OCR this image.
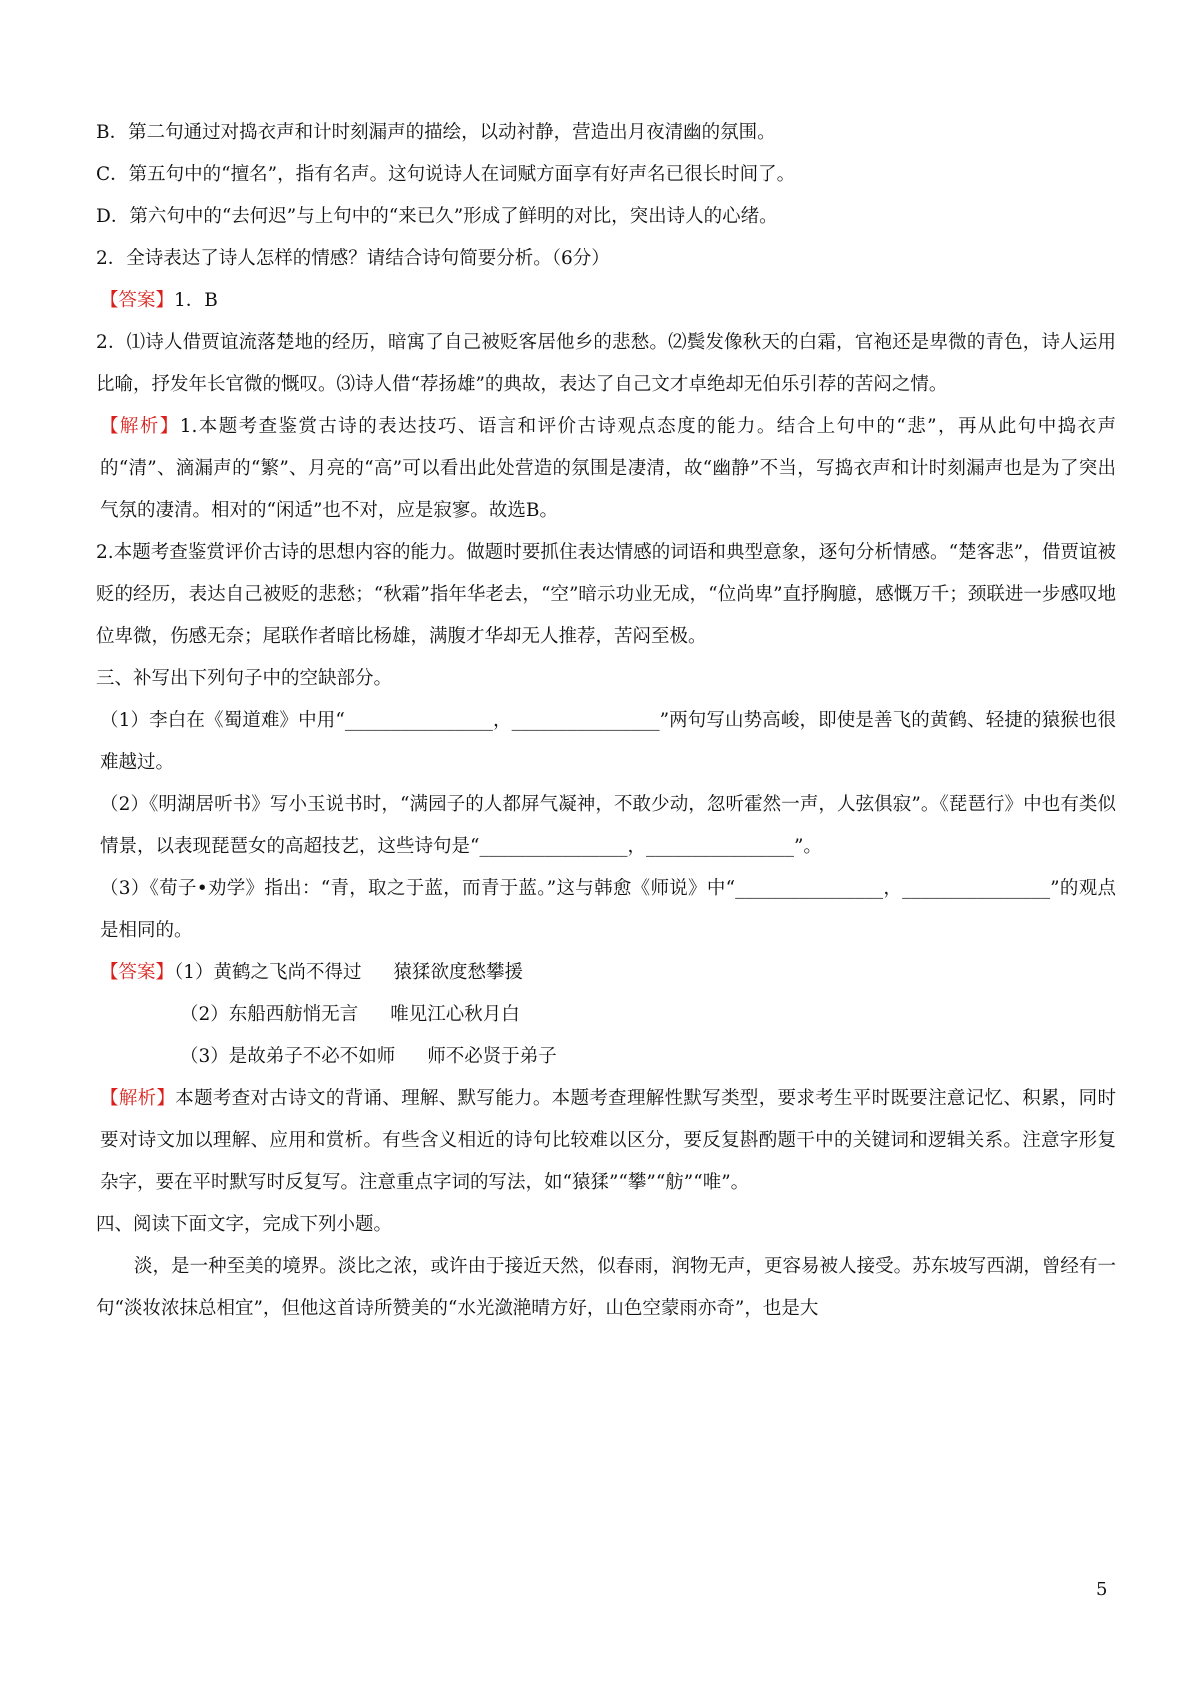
B．第二句通过对捣衣声和计时刻漏声的描绘，以动衬静，营造出月夜清幽的氛围。
C．第五句中的“擅名”，指有名声。这句说诗人在词赋方面享有好声名已很长时间了。
D．第六句中的“去何迟”与上句中的“来已久”形成了鲜明的对比，突出诗人的心绪。
2．全诗表达了诗人怎样的情感？请结合诗句简要分析。（6分）
【答案】1．B
2．⑴诗人借贾谊流落楚地的经历，暗寓了自己被贬客居他乡的悲愁。⑵鬓发像秋天的白霜，官袍还是卑微的青色，诗人运用比喻，抒发年长官微的慨叹。⑶诗人借“荐扬雄”的典故，表达了自己文才卓绝却无伯乐引荐的苦闷之情。
【解析】1.本题考查鉴赏古诗的表达技巧、语言和评价古诗观点态度的能力。结合上句中的“悲”，再从此句中捣衣声的“清”、滴漏声的“繁”、月亮的“高”可以看出此处营造的氛围是凄清，故“幽静”不当，写捣衣声和计时刻漏声也是为了突出气氛的凄清。相对的“闲适”也不对，应是寂寥。故选B。
2.本题考查鉴赏评价古诗的思想内容的能力。做题时要抓住表达情感的词语和典型意象，逐句分析情感。“楚客悲”，借贾谊被贬的经历，表达自己被贬的悲愁；“秋霜”指年华老去，“空”暗示功业无成，“位尚卑”直抒胸臆，感慨万千；颈联进一步感叹地位卑微，伤感无奈；尾联作者暗比杨雄，满腹才华却无人推荐，苦闷至极。
三、补写出下列句子中的空缺部分。
（1）李白在《蜀道难》中用“________________，________________”两句写山势高峻，即使是善飞的黄鹤、轻捷的猿猴也很难越过。
（2）《明湖居听书》写小玉说书时，“满园子的人都屏气凝神，不敢少动，忽听霍然一声，人弦俱寂”。《琵琶行》中也有类似情景，以表现琵琶女的高超技艺，这些诗句是“________________，________________”。
（3）《荀子•劝学》指出：“青，取之于蓝，而青于蓝。”这与韩愈《师说》中“________________，________________”的观点是相同的。
【答案】（1）黄鹤之飞尚不得过 猿猱欲度愁攀援
（2）东船西舫悄无言 唯见江心秋月白
（3）是故弟子不必不如师 师不必贤于弟子
【解析】本题考查对古诗文的背诵、理解、默写能力。本题考查理解性默写类型，要求考生平时既要注意记忆、积累，同时要对诗文加以理解、应用和赏析。有些含义相近的诗句比较难以区分，要反复斟酌题干中的关键词和逻辑关系。注意字形复杂字，要在平时默写时反复写。注意重点字词的写法，如“猿猱”“攀”“舫”“唯”。
四、阅读下面文字，完成下列小题。
淡，是一种至美的境界。淡比之浓，或许由于接近天然，似春雨，润物无声，更容易被人接受。苏东坡写西湖，曾经有一句“淡妆浓抹总相宜”，但他这首诗所赞美的“水光潋滟晴方好，山色空蒙雨亦奇”，也是大
5
